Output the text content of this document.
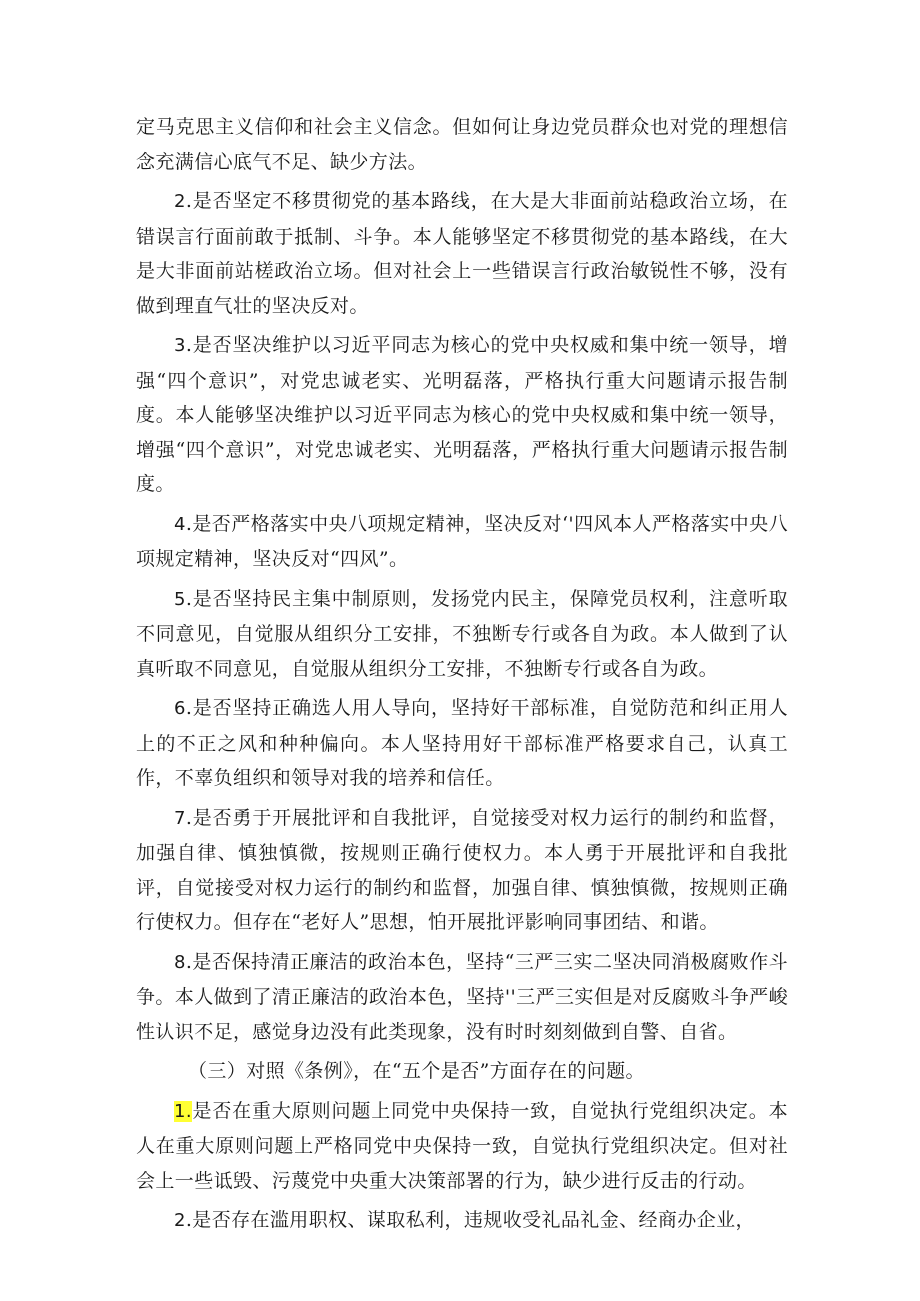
定马克思主义信仰和社会主义信念。但如何让身边党员群众也对党的理想信念充满信心底气不足、缺少方法。

2.是否坚定不移贯彻党的基本路线，在大是大非面前站稳政治立场，在错误言行面前敢于抵制、斗争。本人能够坚定不移贯彻党的基本路线，在大是大非面前站槎政治立场。但对社会上一些错误言行政治敏锐性不够，没有做到理直气壮的坚决反对。

3.是否坚决维护以习近平同志为核心的党中央权威和集中统一领导，增强“四个意识”，对党忠诚老实、光明磊落，严格执行重大问题请示报告制度。本人能够坚决维护以习近平同志为核心的党中央权威和集中统一领导，增强“四个意识”，对党忠诚老实、光明磊落，严格执行重大问题请示报告制度。

4.是否严格落实中央八项规定精神，坚决反对‘'四风本人严格落实中央八项规定精神，坚决反对“四风”。

5.是否坚持民主集中制原则，发扬党内民主，保障党员权利，注意听取不同意见，自觉服从组织分工安排，不独断专行或各自为政。本人做到了认真听取不同意见，自觉服从组织分工安排，不独断专行或各自为政。

6.是否坚持正确选人用人导向，坚持好干部标准，自觉防范和纠正用人上的不正之风和种种偏向。本人坚持用好干部标准严格要求自己，认真工作，不辜负组织和领导对我的培养和信任。

7.是否勇于开展批评和自我批评，自觉接受对权力运行的制约和监督，加强自律、慎独慎微，按规则正确行使权力。本人勇于开展批评和自我批评，自觉接受对权力运行的制约和监督，加强自律、慎独慎微，按规则正确行使权力。但存在“老好人”思想，怕开展批评影响同事团结、和谐。

8.是否保持清正廉洁的政治本色，坚持“三严三实二坚决同消极腐败作斗争。本人做到了清正廉洁的政治本色，坚持''三严三实但是对反腐败斗争严峻性认识不足，感觉身边没有此类现象，没有时时刻刻做到自警、自省。

（三）对照《条例》，在“五个是否”方面存在的问题。

1.是否在重大原则问题上同党中央保持一致，自觉执行党组织决定。本人在重大原则问题上严格同党中央保持一致，自觉执行党组织决定。但对社会上一些诋毁、污蔑党中央重大决策部署的行为，缺少进行反击的行动。

2.是否存在滥用职权、谋取私利，违规收受礼品礼金、经商办企业，
